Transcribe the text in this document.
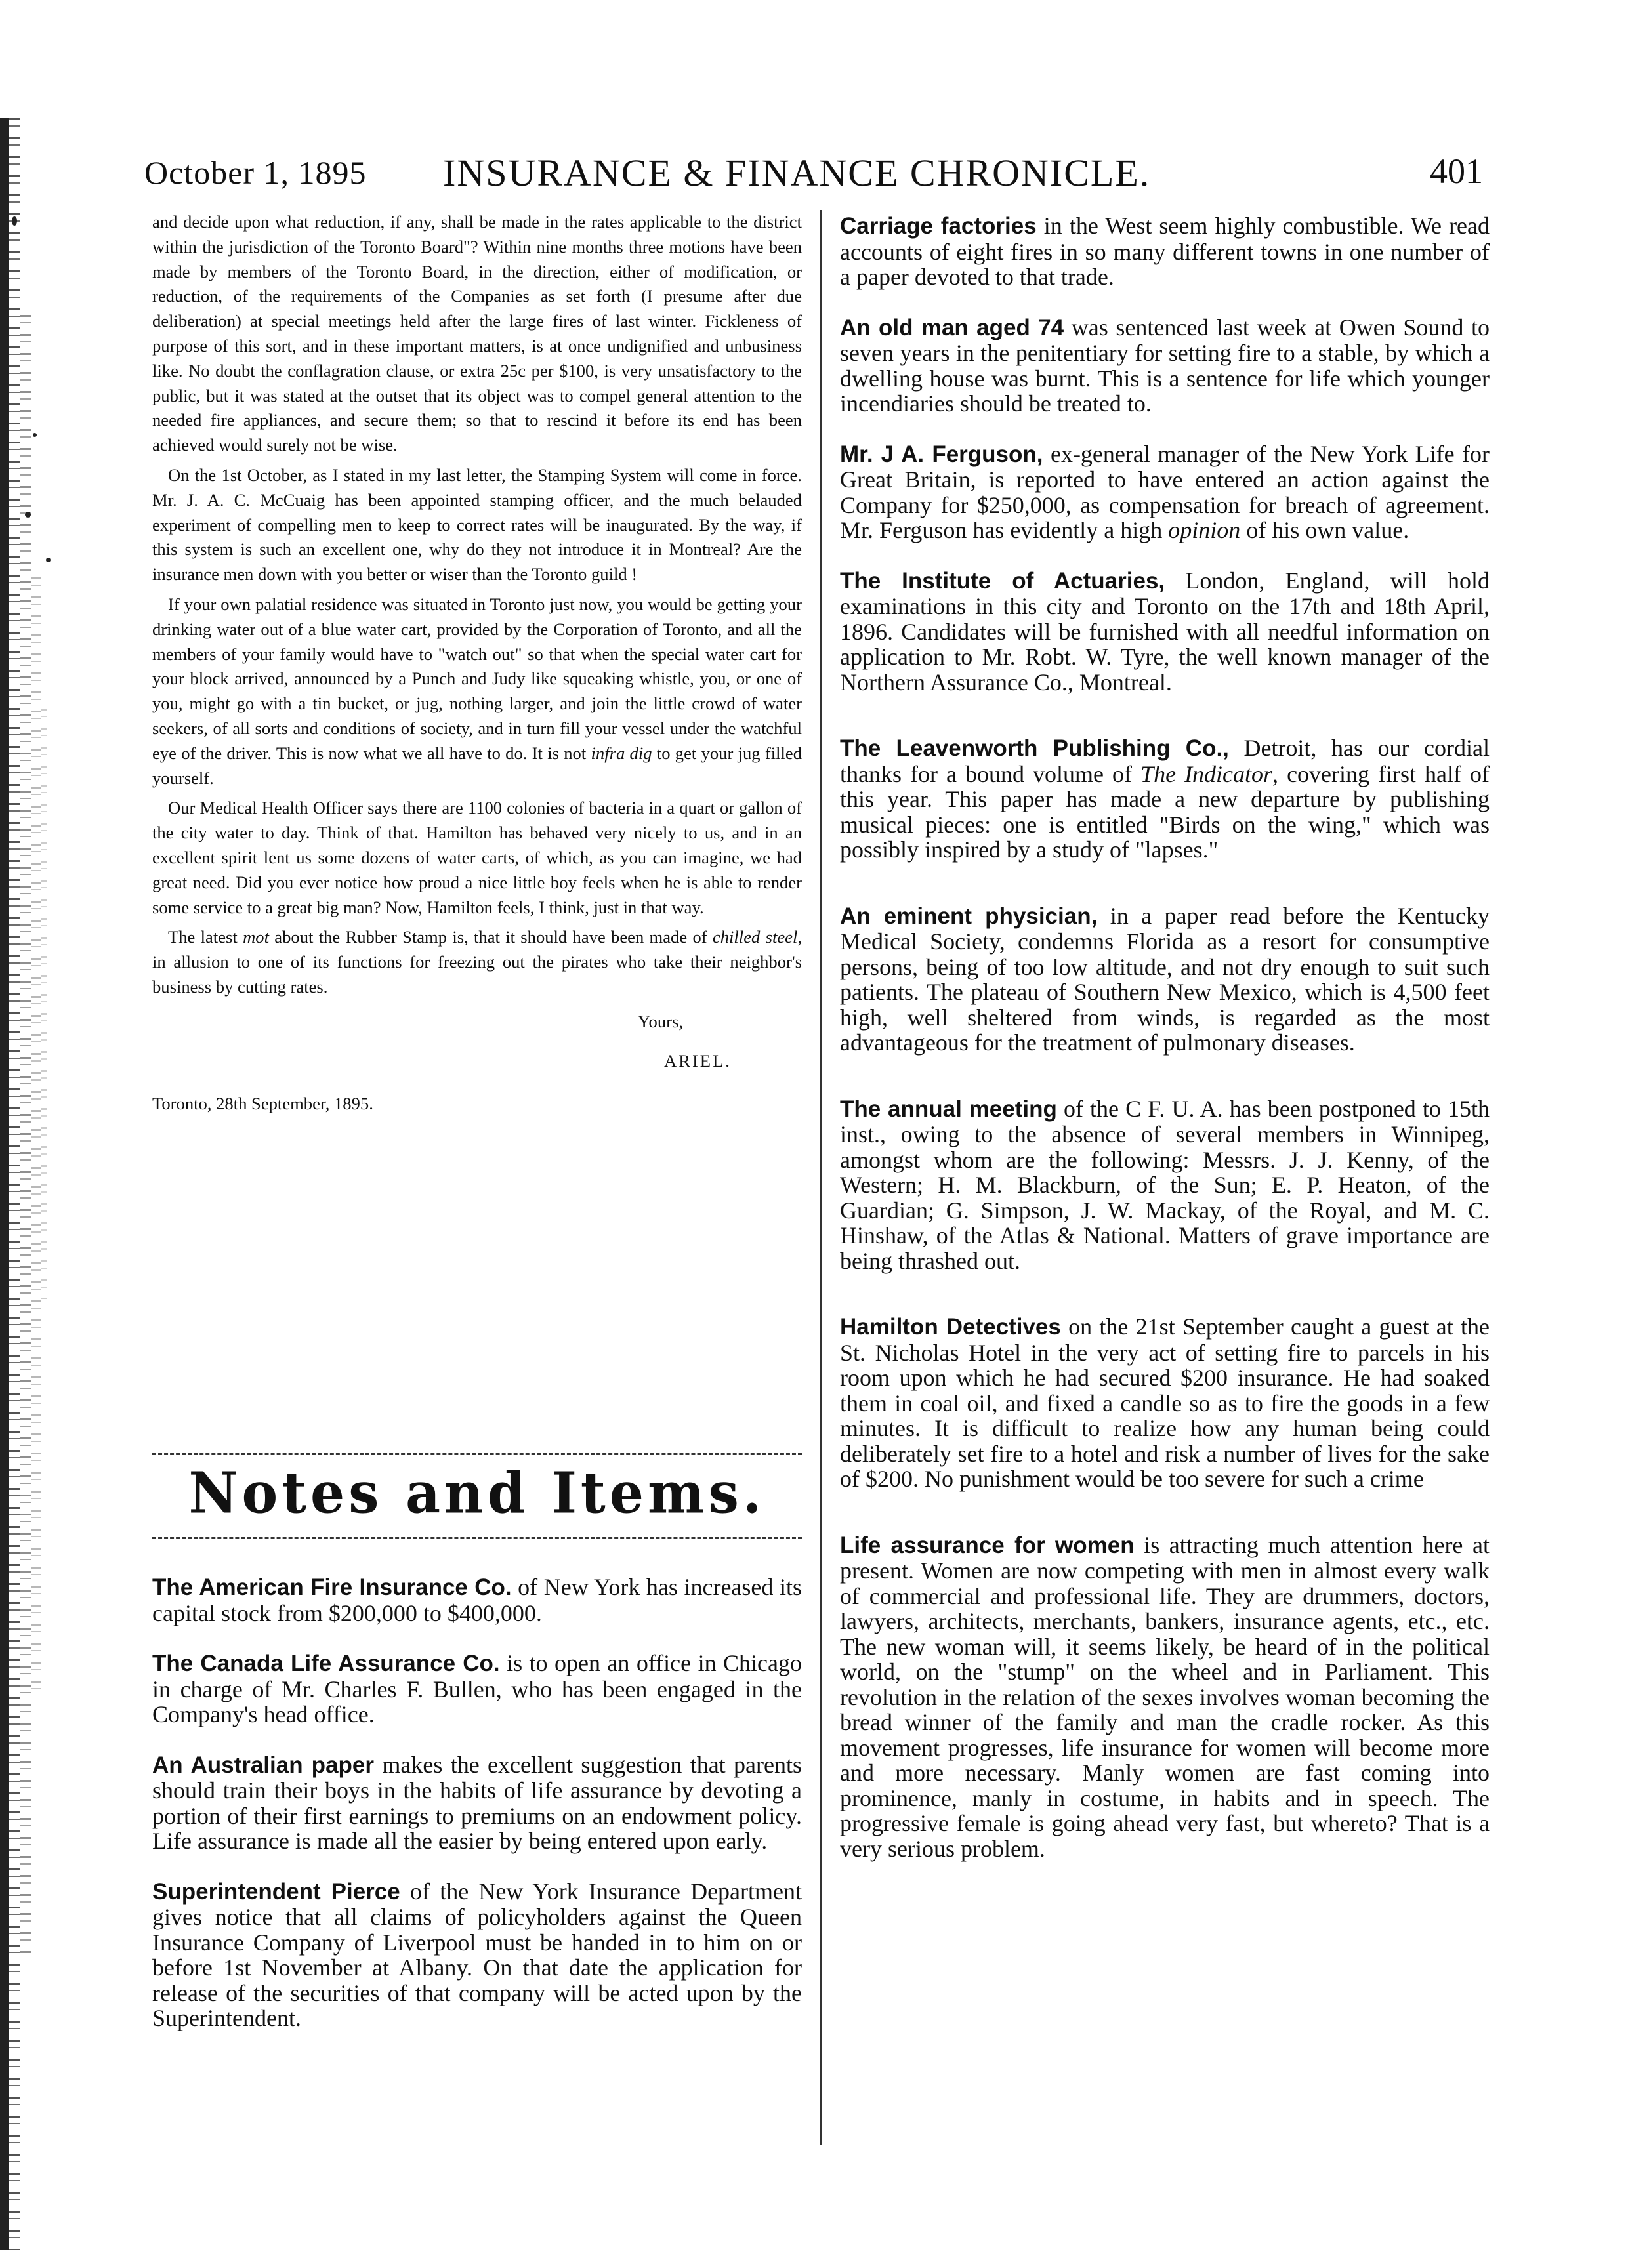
October 1, 1895 INSURANCE & FINANCE CHRONICLE.	401

and decide upon what reduction, if any, shall be made in the rates applicable to the district within the jurisdiction of the Toronto Board"? Within nine months three motions have been made by members of the Toronto Board, in the direction, either of modification, or reduction, of the requirements of the Companies as set forth (I presume after due deliberation) at special meetings held after the large fires of last winter. Fickleness of purpose of this sort, and in these important matters, is at once undignified and unbusiness like. No doubt the conflagration clause, or extra 25c per $100, is very unsatisfactory to the public, but it was stated at the outset that its object was to compel general attention to the needed fire appliances, and secure them; so that to rescind it before its end has been achieved would surely not be wise.

On the 1st October, as I stated in my last letter, the Stamping System will come in force. Mr. J. A. C. McCuaig has been appointed stamping officer, and the much belauded experiment of compelling men to keep to correct rates will be inaugurated. By the way, if this system is such an excellent one, why do they not introduce it in Montreal? Are the insurance men down with you better or wiser than the Toronto guild !

If your own palatial residence was situated in Toronto just now, you would be getting your drinking water out of a blue water cart, provided by the Corporation of Toronto, and all the members of your family would have to "watch out" so that when the special water cart for your block arrived, announced by a Punch and Judy like squeaking whistle, you, or one of you, might go with a tin bucket, or jug, nothing larger, and join the little crowd of water seekers, of all sorts and conditions of society, and in turn fill your vessel under the watchful eye of the driver. This is now what we all have to do. It is not infra dig to get your jug filled yourself.

Our Medical Health Officer says there are 1100 colonies of bacteria in a quart or gallon of the city water to day. Think of that. Hamilton has behaved very nicely to us, and in an excellent spirit lent us some dozens of water carts, of which, as you can imagine, we had great need. Did you ever notice how proud a nice little boy feels when he is able to render some service to a great big man? Now, Hamilton feels, I think, just in that way.

The latest mot about the Rubber Stamp is, that it should have been made of chilled steel, in allusion to one of its functions for freezing out the pirates who take their neighbor's business by cutting rates.

Yours,
ARIEL.
Toronto, 28th September, 1895.
Notes and Items.

The American Fire Insurance Co. of New York has increased its capital stock from $200,000 to $400,000.

The Canada Life Assurance Co. is to open an office in Chicago in charge of Mr. Charles F. Bullen, who has been engaged in the Company's head office.

An Australian paper makes the excellent suggestion that parents should train their boys in the habits of life assurance by devoting a portion of their first earnings to premiums on an endowment policy. Life assurance is made all the easier by being entered upon early.

Superintendent Pierce of the New York Insurance Department gives notice that all claims of policyholders against the Queen Insurance Company of Liverpool must be handed in to him on or before 1st November at Albany. On that date the application for release of the securities of that company will be acted upon by the Superintendent.

Carriage factories in the West seem highly combustible. We read accounts of eight fires in so many different towns in one number of a paper devoted to that trade.

An old man aged 74 was sentenced last week at Owen Sound to seven years in the penitentiary for setting fire to a stable, by which a dwelling house was burnt. This is a sentence for life which younger incendiaries should be treated to.

Mr. J A. Ferguson, ex-general manager of the New York Life for Great Britain, is reported to have entered an action against the Company for $250,000, as compensation for breach of agreement. Mr. Ferguson has evidently a high opinion of his own value.

The Institute of Actuaries, London, England, will hold examinations in this city and Toronto on the 17th and 18th April, 1896. Candidates will be furnished with all needful information on application to Mr. Robt. W. Tyre, the well known manager of the Northern Assurance Co., Montreal.

The Leavenworth Publishing Co., Detroit, has our cordial thanks for a bound volume of The Indicator, covering first half of this year. This paper has made a new departure by publishing musical pieces: one is entitled "Birds on the wing," which was possibly inspired by a study of "lapses."

An eminent physician, in a paper read before the Kentucky Medical Society, condemns Florida as a resort for consumptive persons, being of too low altitude, and not dry enough to suit such patients. The plateau of Southern New Mexico, which is 4,500 feet high, well sheltered from winds, is regarded as the most advantageous for the treatment of pulmonary diseases.

The annual meeting of the C F. U. A. has been postponed to 15th inst., owing to the absence of several members in Winnipeg, amongst whom are the following: Messrs. J. J. Kenny, of the Western; H. M. Blackburn, of the Sun; E. P. Heaton, of the Guardian; G. Simpson, J. W. Mackay, of the Royal, and M. C. Hinshaw, of the Atlas & National. Matters of grave importance are being thrashed out.

Hamilton Detectives on the 21st September caught a guest at the St. Nicholas Hotel in the very act of setting fire to parcels in his room upon which he had secured $200 insurance. He had soaked them in coal oil, and fixed a candle so as to fire the goods in a few minutes. It is difficult to realize how any human being could deliberately set fire to a hotel and risk a number of lives for the sake of $200. No punishment would be too severe for such a crime

Life assurance for women is attracting much attention here at present. Women are now competing with men in almost every walk of commercial and professional life. They are drummers, doctors, lawyers, architects, merchants, bankers, insurance agents, etc., etc. The new woman will, it seems likely, be heard of in the political world, on the "stump" on the wheel and in Parliament. This revolution in the relation of the sexes involves woman becoming the bread winner of the family and man the cradle rocker. As this movement progresses, life insurance for women will become more and more necessary. Manly women are fast coming into prominence, manly in costume, in habits and in speech. The progressive female is going ahead very fast, but whereto? That is a very serious problem.
